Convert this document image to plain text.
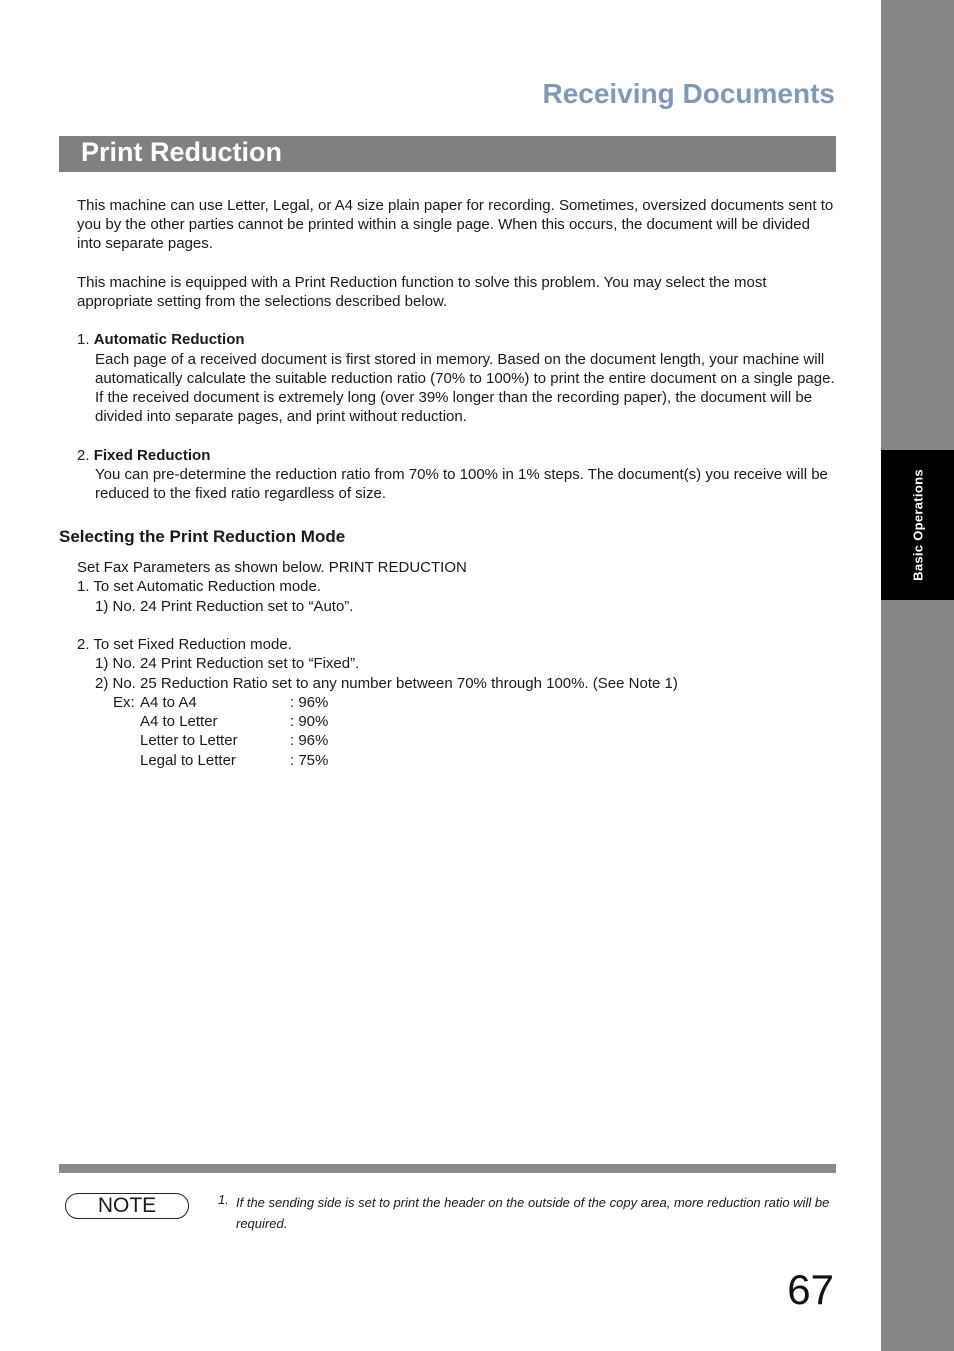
Basic Operations
Receiving Documents
Print Reduction

This machine can use Letter, Legal, or A4 size plain paper for recording. Sometimes, oversized documents sent to you by the other parties cannot be printed within a single page. When this occurs, the document will be divided into separate pages.

This machine is equipped with a Print Reduction function to solve this problem. You may select the most appropriate setting from the selections described below.

1. Automatic Reduction

Each page of a received document is first stored in memory. Based on the document length, your machine will automatically calculate the suitable reduction ratio (70% to 100%) to print the entire document on a single page. If the received document is extremely long (over 39% longer than the recording paper), the document will be divided into separate pages, and print without reduction.

2. Fixed Reduction

You can pre-determine the reduction ratio from 70% to 100% in 1% steps. The document(s) you receive will be reduced to the fixed ratio regardless of size.

Selecting the Print Reduction Mode
Set Fax Parameters as shown below. PRINT REDUCTION
1. To set Automatic Reduction mode.
1) No. 24 Print Reduction set to “Auto”.
2. To set Fixed Reduction mode.
1) No. 24 Print Reduction set to “Fixed”.
2) No. 25 Reduction Ratio set to any number between 70% through 100%. (See Note 1)
Ex: A4 to A4	: 96%
A4 to Letter	: 90%
Letter to Letter	: 96%
Legal to Letter	: 75%
NOTE	1. If the sending side is set to print the header on the outside of the copy area, more reduction ratio will be required.

67
